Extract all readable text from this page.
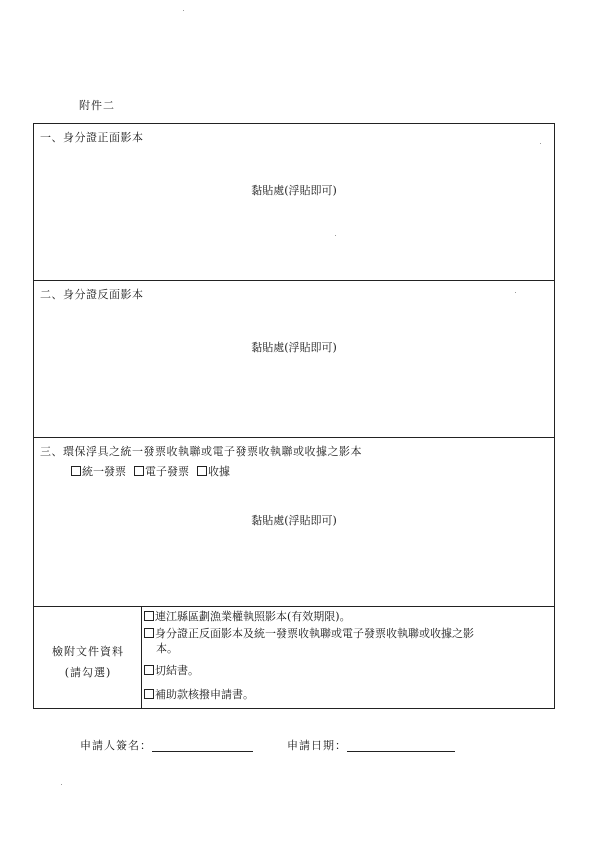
附件二
一、身分證正面影本
黏貼處(浮貼即可)
二、身分證反面影本
黏貼處(浮貼即可)
三、環保浮具之統一發票收執聯或電子發票收執聯或收據之影本
統一發票 電子發票 收據
黏貼處(浮貼即可)
檢附文件資料
(請勾選)
連江縣區劃漁業權執照影本(有效期限)。
身分證正反面影本及統一發票收執聯或電子發票收執聯或收據之影
本。
切結書。
補助款核撥申請書。
申請人簽名：	申請日期：
